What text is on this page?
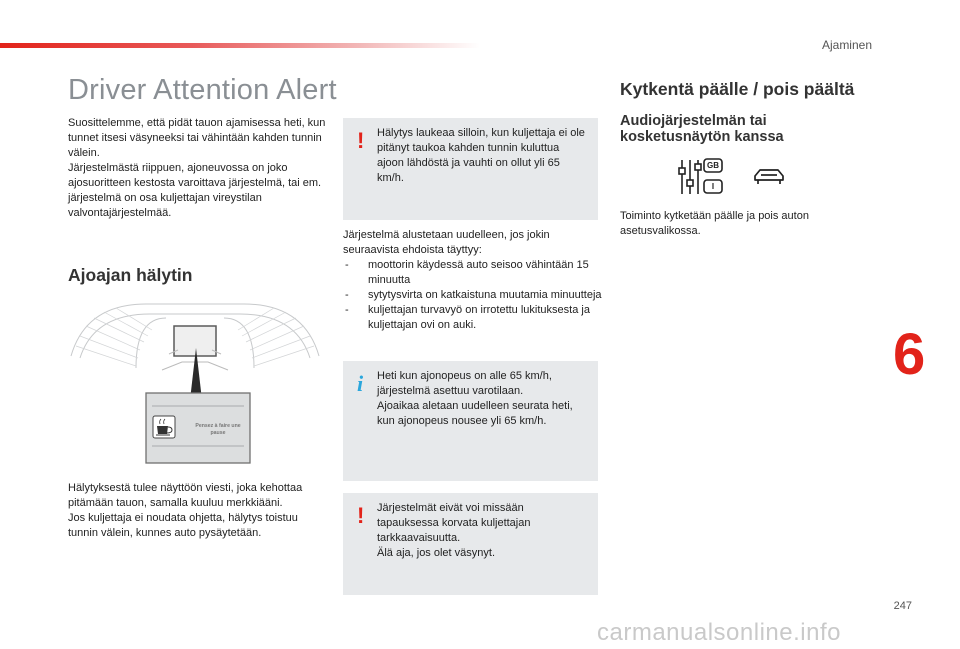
Ajaminen
6
247
Driver Attention Alert

Suosittelemme, että pidät tauon ajamisessa heti, kun tunnet itsesi väsyneeksi tai vähintään kahden tunnin välein.
Järjestelmästä riippuen, ajoneuvossa on joko ajosuoritteen kestosta varoittava järjestelmä, tai em. järjestelmä on osa kuljettajan vireystilan valvontajärjestelmää.

Ajoajan hälytin
Pensez à faire une pause

Hälytyksestä tulee näyttöön viesti, joka kehottaa pitämään tauon, samalla kuuluu merkkiääni.
Jos kuljettaja ei noudata ohjetta, hälytys toistuu tunnin välein, kunnes auto pysäytetään.

! Hälytys laukeaa silloin, kun kuljettaja ei ole pitänyt taukoa kahden tunnin kuluttua ajoon lähdöstä ja vauhti on ollut yli 65 km/h.

Järjestelmä alustetaan uudelleen, jos jokin seuraavista ehdoista täyttyy:

- moottorin käydessä auto seisoo vähintään 15 minuutta
- sytytysvirta on katkaistuna muutamia minuutteja
- kuljettajan turvavyö on irrotettu lukituksesta ja kuljettajan ovi on auki.
i Heti kun ajonopeus on alle 65 km/h, järjestelmä asettuu varotilaan.
Ajoaikaa aletaan uudelleen seurata heti, kun ajonopeus nousee yli 65 km/h.
! Järjestelmät eivät voi missään tapauksessa korvata kuljettajan tarkkaavaisuutta.
Älä aja, jos olet väsynyt.
Kytkentä päälle / pois päältä
Audiojärjestelmän tai kosketusnäytön kanssa
GB
I

Toiminto kytketään päälle ja pois auton asetusvalikossa.

carmanualsonline.info
